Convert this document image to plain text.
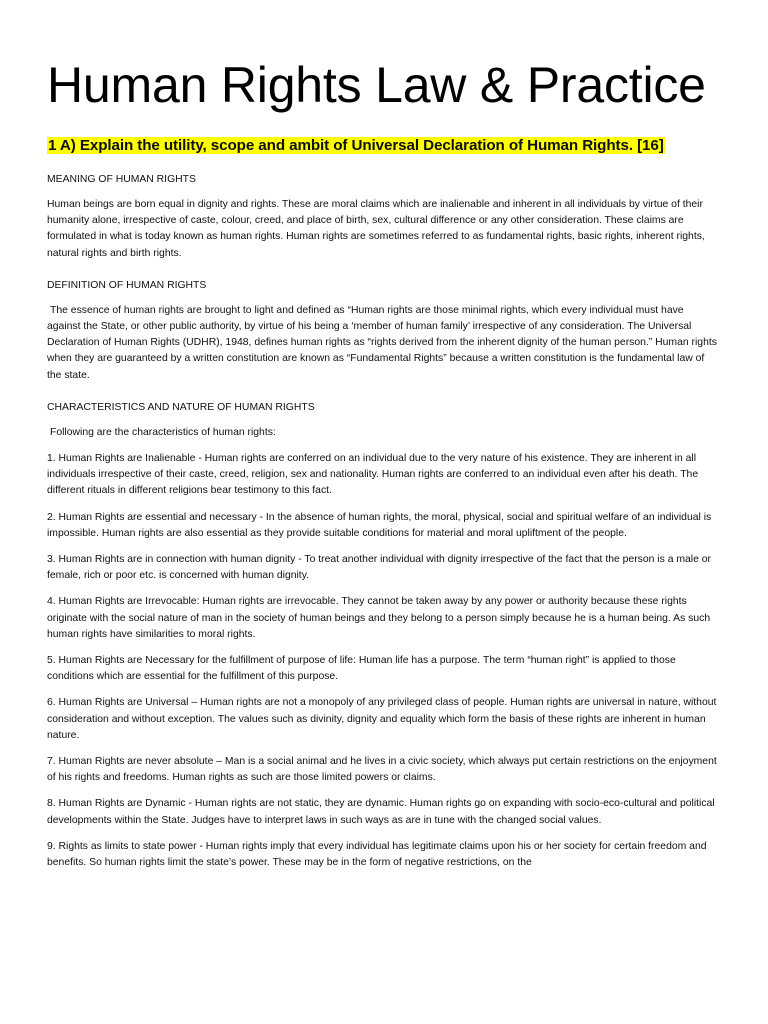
Human Rights Law & Practice
1 A) Explain the utility, scope and ambit of Universal Declaration of Human Rights. [16]
MEANING OF HUMAN RIGHTS

Human beings are born equal in dignity and rights. These are moral claims which are inalienable and inherent in all individuals by virtue of their humanity alone, irrespective of caste, colour, creed, and place of birth, sex, cultural difference or any other consideration. These claims are formulated in what is today known as human rights. Human rights are sometimes referred to as fundamental rights, basic rights, inherent rights, natural rights and birth rights.

DEFINITION OF HUMAN RIGHTS

The essence of human rights are brought to light and defined as “Human rights are those minimal rights, which every individual must have against the State, or other public authority, by virtue of his being a ‘member of human family’ irrespective of any consideration. The Universal Declaration of Human Rights (UDHR), 1948, defines human rights as “rights derived from the inherent dignity of the human person.” Human rights when they are guaranteed by a written constitution are known as “Fundamental Rights” because a written constitution is the fundamental law of the state.

CHARACTERISTICS AND NATURE OF HUMAN RIGHTS

Following are the characteristics of human rights:

1. Human Rights are Inalienable - Human rights are conferred on an individual due to the very nature of his existence. They are inherent in all individuals irrespective of their caste, creed, religion, sex and nationality. Human rights are conferred to an individual even after his death. The different rituals in different religions bear testimony to this fact.

2. Human Rights are essential and necessary - In the absence of human rights, the moral, physical, social and spiritual welfare of an individual is impossible. Human rights are also essential as they provide suitable conditions for material and moral upliftment of the people.

3. Human Rights are in connection with human dignity - To treat another individual with dignity irrespective of the fact that the person is a male or female, rich or poor etc. is concerned with human dignity.

4. Human Rights are Irrevocable: Human rights are irrevocable. They cannot be taken away by any power or authority because these rights originate with the social nature of man in the society of human beings and they belong to a person simply because he is a human being. As such human rights have similarities to moral rights.

5. Human Rights are Necessary for the fulfillment of purpose of life: Human life has a purpose. The term “human right” is applied to those conditions which are essential for the fulfillment of this purpose.

6. Human Rights are Universal – Human rights are not a monopoly of any privileged class of people. Human rights are universal in nature, without consideration and without exception. The values such as divinity, dignity and equality which form the basis of these rights are inherent in human nature.

7. Human Rights are never absolute – Man is a social animal and he lives in a civic society, which always put certain restrictions on the enjoyment of his rights and freedoms. Human rights as such are those limited powers or claims.

8. Human Rights are Dynamic - Human rights are not static, they are dynamic. Human rights go on expanding with socio-eco-cultural and political developments within the State. Judges have to interpret laws in such ways as are in tune with the changed social values.

9. Rights as limits to state power - Human rights imply that every individual has legitimate claims upon his or her society for certain freedom and benefits. So human rights limit the state’s power. These may be in the form of negative restrictions, on the
